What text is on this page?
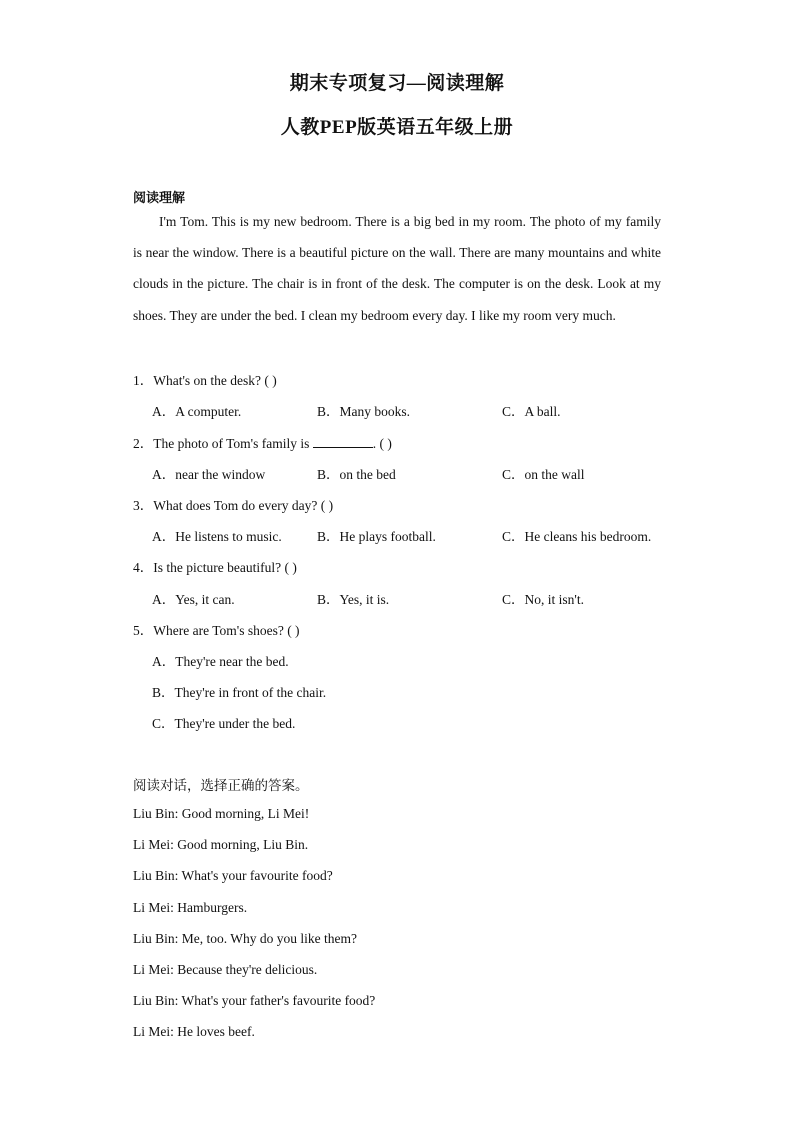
期末专项复习—阅读理解
人教PEP版英语五年级上册
阅读理解
I'm Tom. This is my new bedroom. There is a big bed in my room. The photo of my family is near the window. There is a beautiful picture on the wall. There are many mountains and white clouds in the picture. The chair is in front of the desk. The computer is on the desk. Look at my shoes. They are under the bed. I clean my bedroom every day. I like my room very much.
1．What's on the desk? ( )
A．A computer.	B．Many books.	C．A ball.
2．The photo of Tom's family is	. ( )
A．near the window	B．on the bed	C．on the wall
3．What does Tom do every day? ( )
A．He listens to music.	B．He plays football.	C．He cleans his bedroom.
4．Is the picture beautiful? ( )
A．Yes, it can.	B．Yes, it is.	C．No, it isn't.
5．Where are Tom's shoes? ( )
A．They're near the bed.
B．They're in front of the chair.
C．They're under the bed.
阅读对话，选择正确的答案。
Liu Bin: Good morning, Li Mei!
Li Mei: Good morning, Liu Bin.
Liu Bin: What's your favourite food?
Li Mei: Hamburgers.
Liu Bin: Me, too. Why do you like them?
Li Mei: Because they're delicious.
Liu Bin: What's your father's favourite food?
Li Mei: He loves beef.
